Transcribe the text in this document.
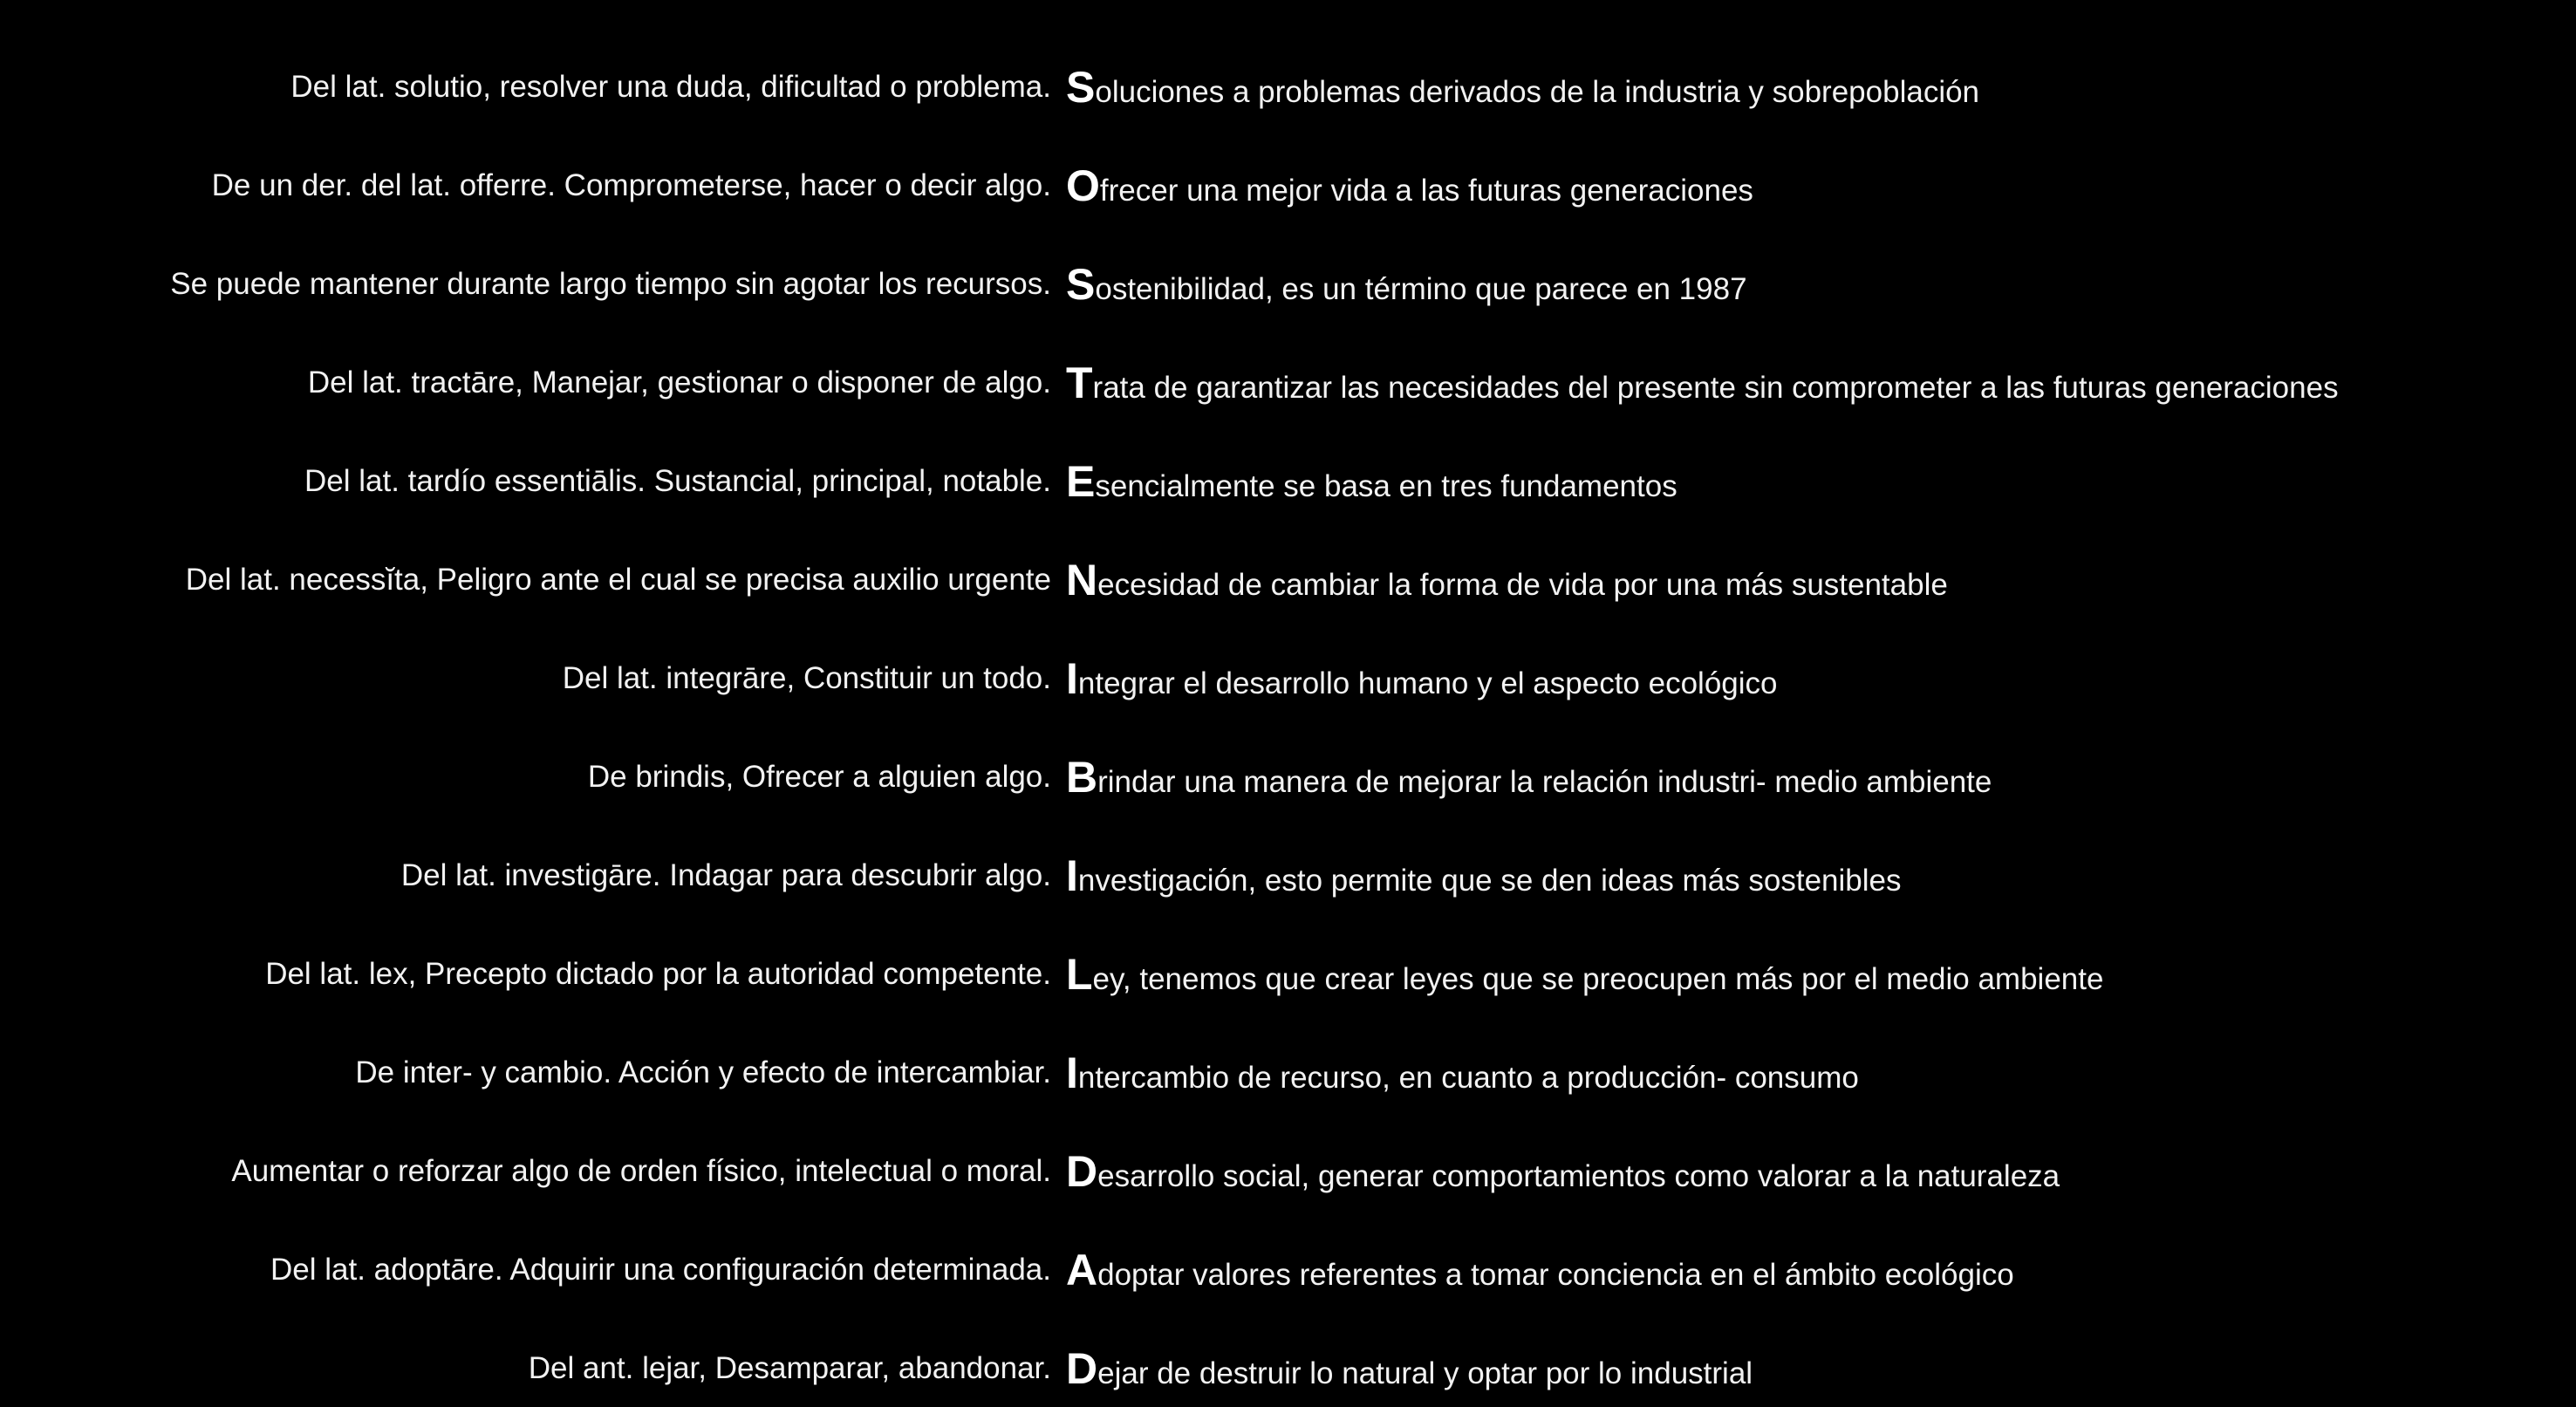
Del lat. solutio, resolver una duda, dificultad o problema. Soluciones a problemas derivados de la industria y sobrepoblación
De un der. del lat. offerre. Comprometerse, hacer o decir algo. Ofrecer una mejor vida a las futuras generaciones
Se puede mantener durante largo tiempo sin agotar los recursos. Sostenibilidad, es un término que parece en 1987
Del lat. tractāre, Manejar, gestionar o disponer de algo. Trata de garantizar las necesidades del presente sin comprometer a las futuras generaciones
Del lat. tardío essentiālis. Sustancial, principal, notable. Esencialmente se basa en tres fundamentos
Del lat. necessĭta, Peligro ante el cual se precisa auxilio urgente Necesidad de cambiar la forma de vida por una más sustentable
Del lat. integrāre, Constituir un todo. Integrar el desarrollo humano y el aspecto ecológico
De brindis, Ofrecer a alguien algo. Brindar una manera de mejorar la relación industri- medio ambiente
Del lat. investigāre. Indagar para descubrir algo. Investigación, esto permite que se den ideas más sostenibles
Del lat. lex, Precepto dictado por la autoridad competente. Ley, tenemos que crear leyes que se preocupen más por el medio ambiente
De inter- y cambio. Acción y efecto de intercambiar. Intercambio de recurso, en cuanto a producción- consumo
Aumentar o reforzar algo de orden físico, intelectual o moral. Desarrollo social, generar comportamientos como valorar a la naturaleza
Del lat. adoptāre. Adquirir una configuración determinada. Adoptar valores referentes a tomar conciencia en el ámbito ecológico
Del ant. lejar, Desamparar, abandonar. Dejar de destruir lo natural y optar por lo industrial
